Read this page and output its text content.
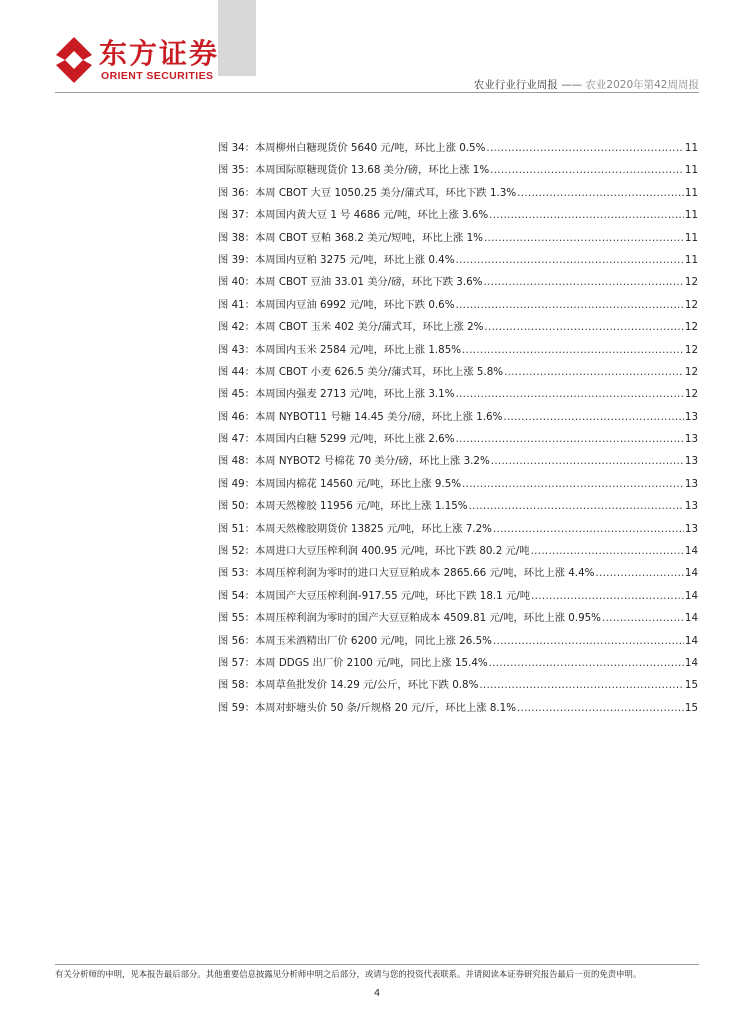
东方证券
ORIENT SECURITIES
农业行业行业周报 —— 农业2020年第42周周报
图 34：本周柳州白糖现货价 5640 元/吨，环比上涨 0.5% .....	11
图 35：本周国际原糖现货价 13.68 美分/磅，环比上涨 1% .....	11
图 36：本周 CBOT 大豆 1050.25 美分/蒲式耳，环比下跌 1.3% .....	11
图 37：本周国内黄大豆 1 号 4686 元/吨，环比上涨 3.6% .....	11
图 38：本周 CBOT 豆粕 368.2 美元/短吨，环比上涨 1% .....	11
图 39：本周国内豆粕 3275 元/吨，环比上涨 0.4% .....	11
图 40：本周 CBOT 豆油 33.01 美分/磅，环比下跌 3.6% .....	12
图 41：本周国内豆油 6992 元/吨，环比下跌 0.6% .....	12
图 42：本周 CBOT 玉米 402 美分/蒲式耳，环比上涨 2% .....	12
图 43：本周国内玉米 2584 元/吨，环比上涨 1.85% .....	12
图 44：本周 CBOT 小麦 626.5 美分/蒲式耳，环比上涨 5.8% .....	12
图 45：本周国内强麦 2713 元/吨，环比上涨 3.1% .....	12
图 46：本周 NYBOT11 号糖 14.45 美分/磅，环比上涨 1.6% .....	13
图 47：本周国内白糖 5299 元/吨，环比上涨 2.6% .....	13
图 48：本周 NYBOT2 号棉花 70 美分/磅，环比上涨 3.2% .....	13
图 49：本周国内棉花 14560 元/吨，环比上涨 9.5% .....	13
图 50：本周天然橡胶 11956 元/吨，环比上涨 1.15% .....	13
图 51：本周天然橡胶期货价 13825 元/吨，环比上涨 7.2% .....	13
图 52：本周进口大豆压榨利润 400.95 元/吨，环比下跌 80.2 元/吨 .....	14
图 53：本周压榨利润为零时的进口大豆豆粕成本 2865.66 元/吨，环比上涨 4.4% .....	14
图 54：本周国产大豆压榨利润-917.55 元/吨，环比下跌 18.1 元/吨 .....	14
图 55：本周压榨利润为零时的国产大豆豆粕成本 4509.81 元/吨，环比上涨 0.95% .....	14
图 56：本周玉米酒精出厂价 6200 元/吨，同比上涨 26.5% .....	14
图 57：本周 DDGS 出厂价 2100 元/吨，同比上涨 15.4% .....	14
图 58：本周草鱼批发价 14.29 元/公斤，环比下跌 0.8% .....	15
图 59：本周对虾塘头价 50 条/斤规格 20 元/斤，环比上涨 8.1% .....	15
有关分析师的申明，见本报告最后部分。其他重要信息披露见分析师申明之后部分，或请与您的投资代表联系。并请阅读本证券研究报告最后一页的免责申明。
4
